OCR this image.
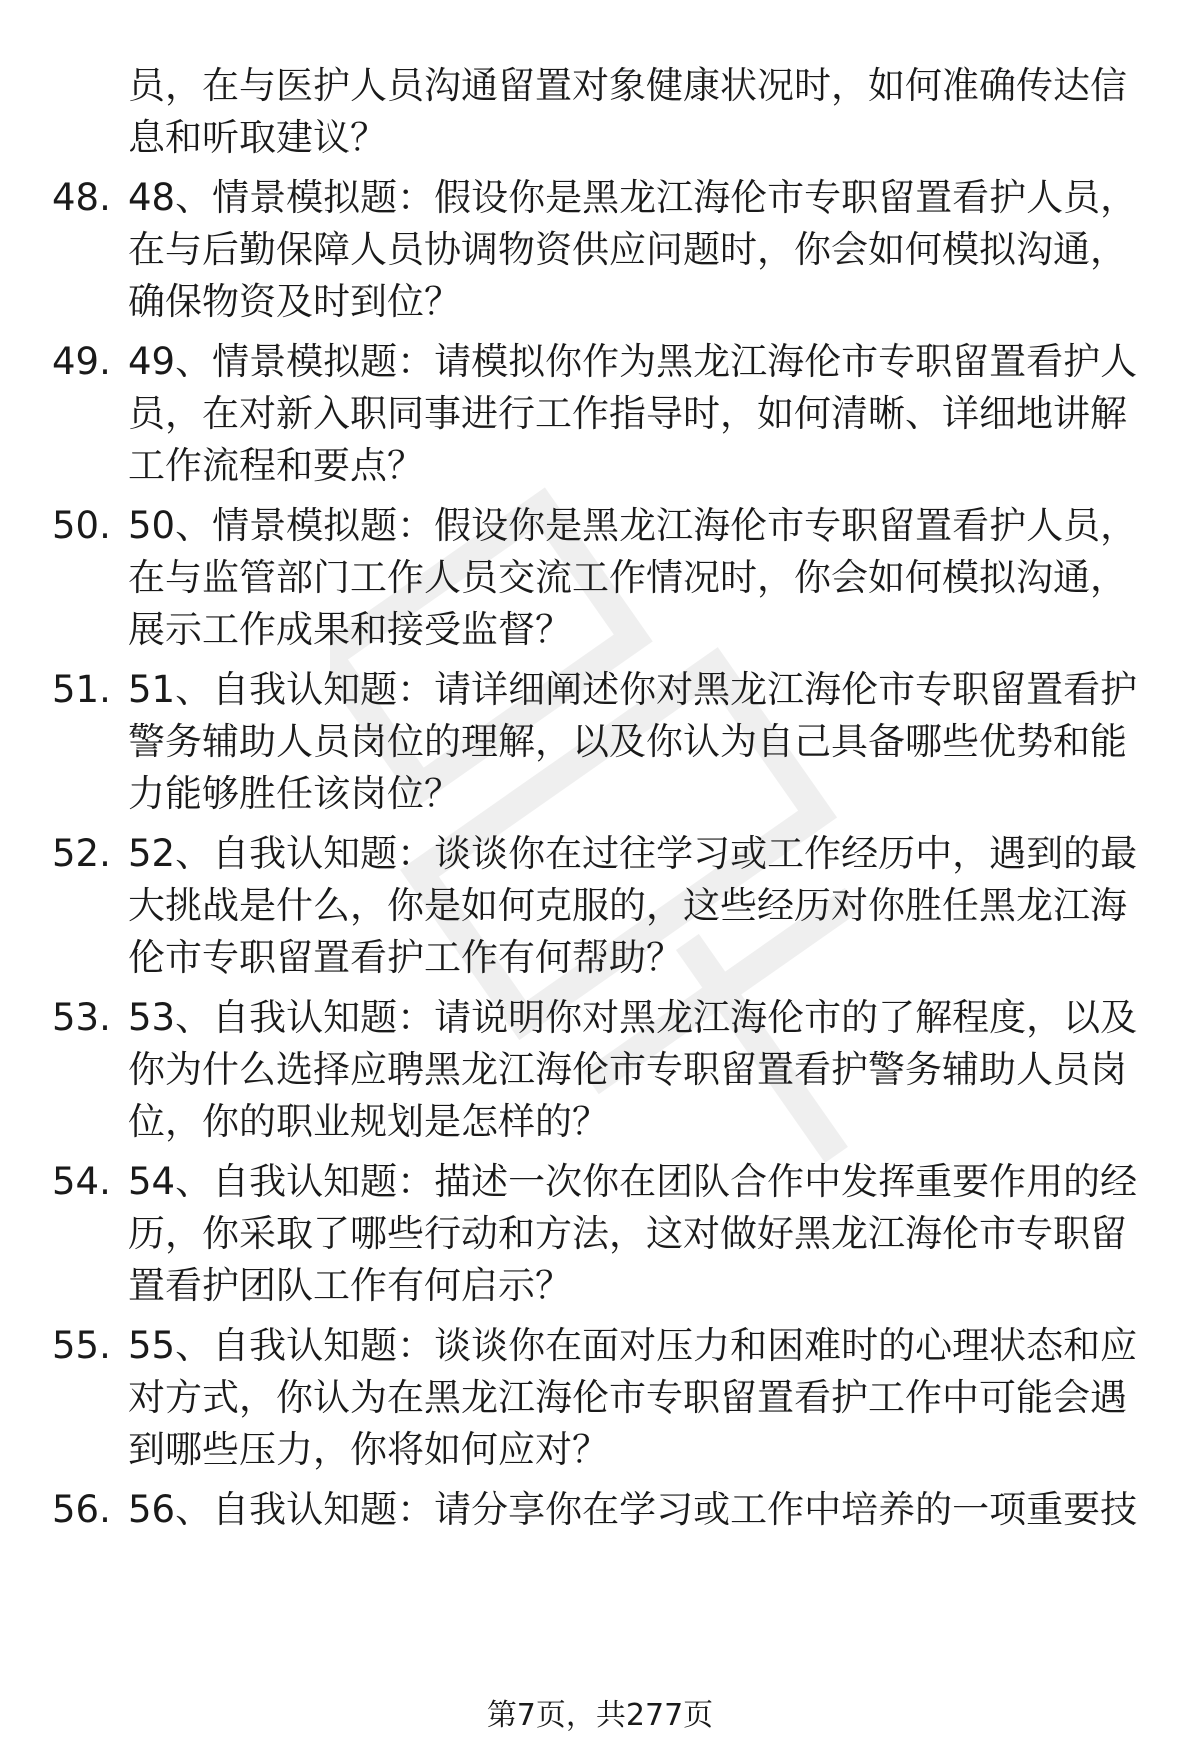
员，在与医护人员沟通留置对象健康状况时，如何准确传达信息和听取建议？

48. 48、情景模拟题：假设你是黑龙江海伦市专职留置看护人员，在与后勤保障人员协调物资供应问题时，你会如何模拟沟通，确保物资及时到位？
49. 49、情景模拟题：请模拟你作为黑龙江海伦市专职留置看护人员，在对新入职同事进行工作指导时，如何清晰、详细地讲解工作流程和要点？
50. 50、情景模拟题：假设你是黑龙江海伦市专职留置看护人员，在与监管部门工作人员交流工作情况时，你会如何模拟沟通，展示工作成果和接受监督？
51. 51、自我认知题：请详细阐述你对黑龙江海伦市专职留置看护警务辅助人员岗位的理解，以及你认为自己具备哪些优势和能力能够胜任该岗位？
52. 52、自我认知题：谈谈你在过往学习或工作经历中，遇到的最大挑战是什么，你是如何克服的，这些经历对你胜任黑龙江海伦市专职留置看护工作有何帮助？
53. 53、自我认知题：请说明你对黑龙江海伦市的了解程度，以及你为什么选择应聘黑龙江海伦市专职留置看护警务辅助人员岗位，你的职业规划是怎样的？
54. 54、自我认知题：描述一次你在团队合作中发挥重要作用的经历，你采取了哪些行动和方法，这对做好黑龙江海伦市专职留置看护团队工作有何启示？
55. 55、自我认知题：谈谈你在面对压力和困难时的心理状态和应对方式，你认为在黑龙江海伦市专职留置看护工作中可能会遇到哪些压力，你将如何应对？
56. 56、自我认知题：请分享你在学习或工作中培养的一项重要技
第7页，共277页
